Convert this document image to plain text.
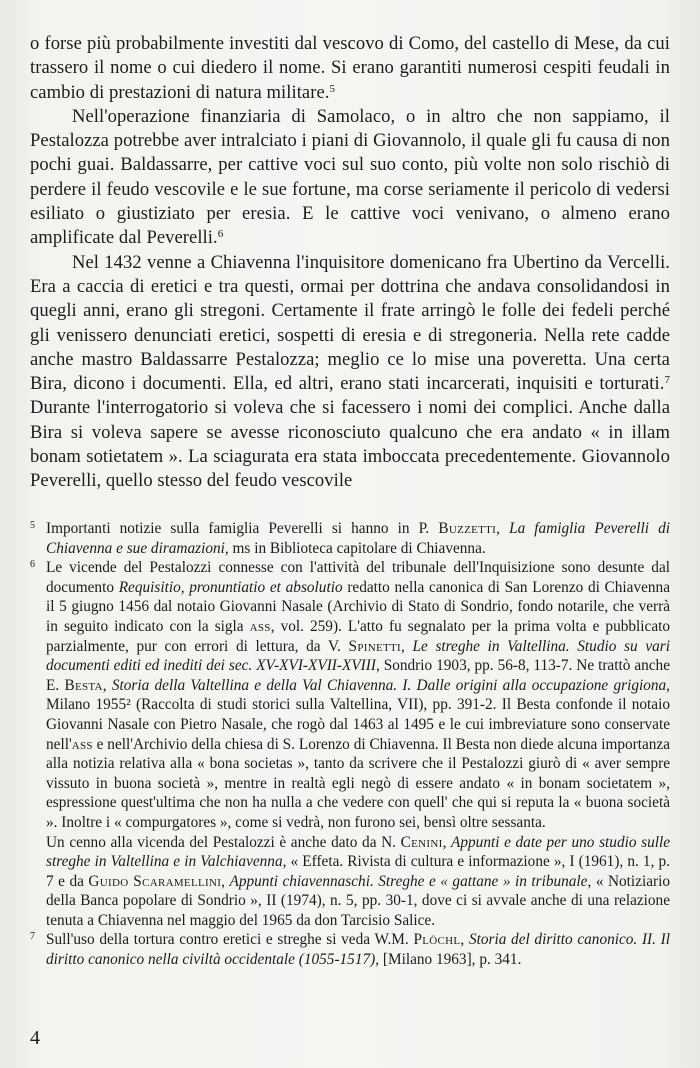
o forse più probabilmente investiti dal vescovo di Como, del castello di Mese, da cui trassero il nome o cui diedero il nome. Si erano garantiti numerosi cespiti feudali in cambio di prestazioni di natura militare.$^5$

Nell'operazione finanziaria di Samolaco, o in altro che non sappiamo, il Pestalozza potrebbe aver intralciato i piani di Giovannolo, il quale gli fu causa di non pochi guai. Baldassarre, per cattive voci sul suo conto, più volte non solo rischiò di perdere il feudo vescovile e le sue fortune, ma corse seriamente il pericolo di vedersi esiliato o giustiziato per eresia. E le cattive voci venivano, o almeno erano amplificate dal Peverelli.$^6$

Nel 1432 venne a Chiavenna l'inquisitore domenicano fra Ubertino da Vercelli. Era a caccia di eretici e tra questi, ormai per dottrina che andava consolidandosi in quegli anni, erano gli stregoni. Certamente il frate arringò le folle dei fedeli perché gli venissero denunciati eretici, sospetti di eresia e di stregoneria. Nella rete cadde anche mastro Baldassarre Pestalozza; meglio ce lo mise una poveretta. Una certa Bira, dicono i documenti. Ella, ed altri, erano stati incarcerati, inquisiti e torturati.$^7$ Durante l'interrogatorio si voleva che si facessero i nomi dei complici. Anche dalla Bira si voleva sapere se avesse riconosciuto qualcuno che era andato « in illam bonam sotietatem ». La sciagurata era stata imboccata precedentemente. Giovannolo Peverelli, quello stesso del feudo vescovile

5 Importanti notizie sulla famiglia Peverelli si hanno in P. Buzzetti, La famiglia Peverelli di Chiavenna e sue diramazioni, ms in Biblioteca capitolare di Chiavenna.

6 Le vicende del Pestalozzi connesse con l'attività del tribunale dell'Inquisizione sono desunte dal documento Requisitio, pronuntiatio et absolutio redatto nella canonica di San Lorenzo di Chiavenna il 5 giugno 1456 dal notaio Giovanni Nasale (Archivio di Stato di Sondrio, fondo notarile, che verrà in seguito indicato con la sigla ass, vol. 259). L'atto fu segnalato per la prima volta e pubblicato parzialmente, pur con errori di lettura, da V. Spinetti, Le streghe in Valtellina. Studio su vari documenti editi ed inediti dei sec. XV-XVI-XVII-XVIII, Sondrio 1903, pp. 56-8, 113-7. Ne trattò anche E. Besta, Storia della Valtellina e della Val Chiavenna. I. Dalle origini alla occupazione grigiona, Milano 1955² (Raccolta di studi storici sulla Valtellina, VII), pp. 391-2. Il Besta confonde il notaio Giovanni Nasale con Pietro Nasale, che rogò dal 1463 al 1495 e le cui imbreviature sono conservate nell'ass e nell'Archivio della chiesa di S. Lorenzo di Chiavenna. Il Besta non diede alcuna importanza alla notizia relativa alla « bona societas », tanto da scrivere che il Pestalozzi giurò di « aver sempre vissuto in buona società », mentre in realtà egli negò di essere andato « in bonam societatem », espressione quest'ultima che non ha nulla a che vedere con quell' che qui si reputa la « buona società ». Inoltre i « compurgatores », come si vedrà, non furono sei, bensì oltre sessanta.

Un cenno alla vicenda del Pestalozzi è anche dato da N. Cenini, Appunti e date per uno studio sulle streghe in Valtellina e in Valchiavenna, « Effeta. Rivista di cultura e informazione », I (1961), n. 1, p. 7 e da Guido Scaramellini, Appunti chiavennaschi. Streghe e « gattane » in tribunale, « Notiziario della Banca popolare di Sondrio », II (1974), n. 5, pp. 30-1, dove ci si avvale anche di una relazione tenuta a Chiavenna nel maggio del 1965 da don Tarcisio Salice.

7 Sull'uso della tortura contro eretici e streghe si veda W.M. Plöchl, Storia del diritto canonico. II. Il diritto canonico nella civiltà occidentale (1055-1517), [Milano 1963], p. 341.

4
